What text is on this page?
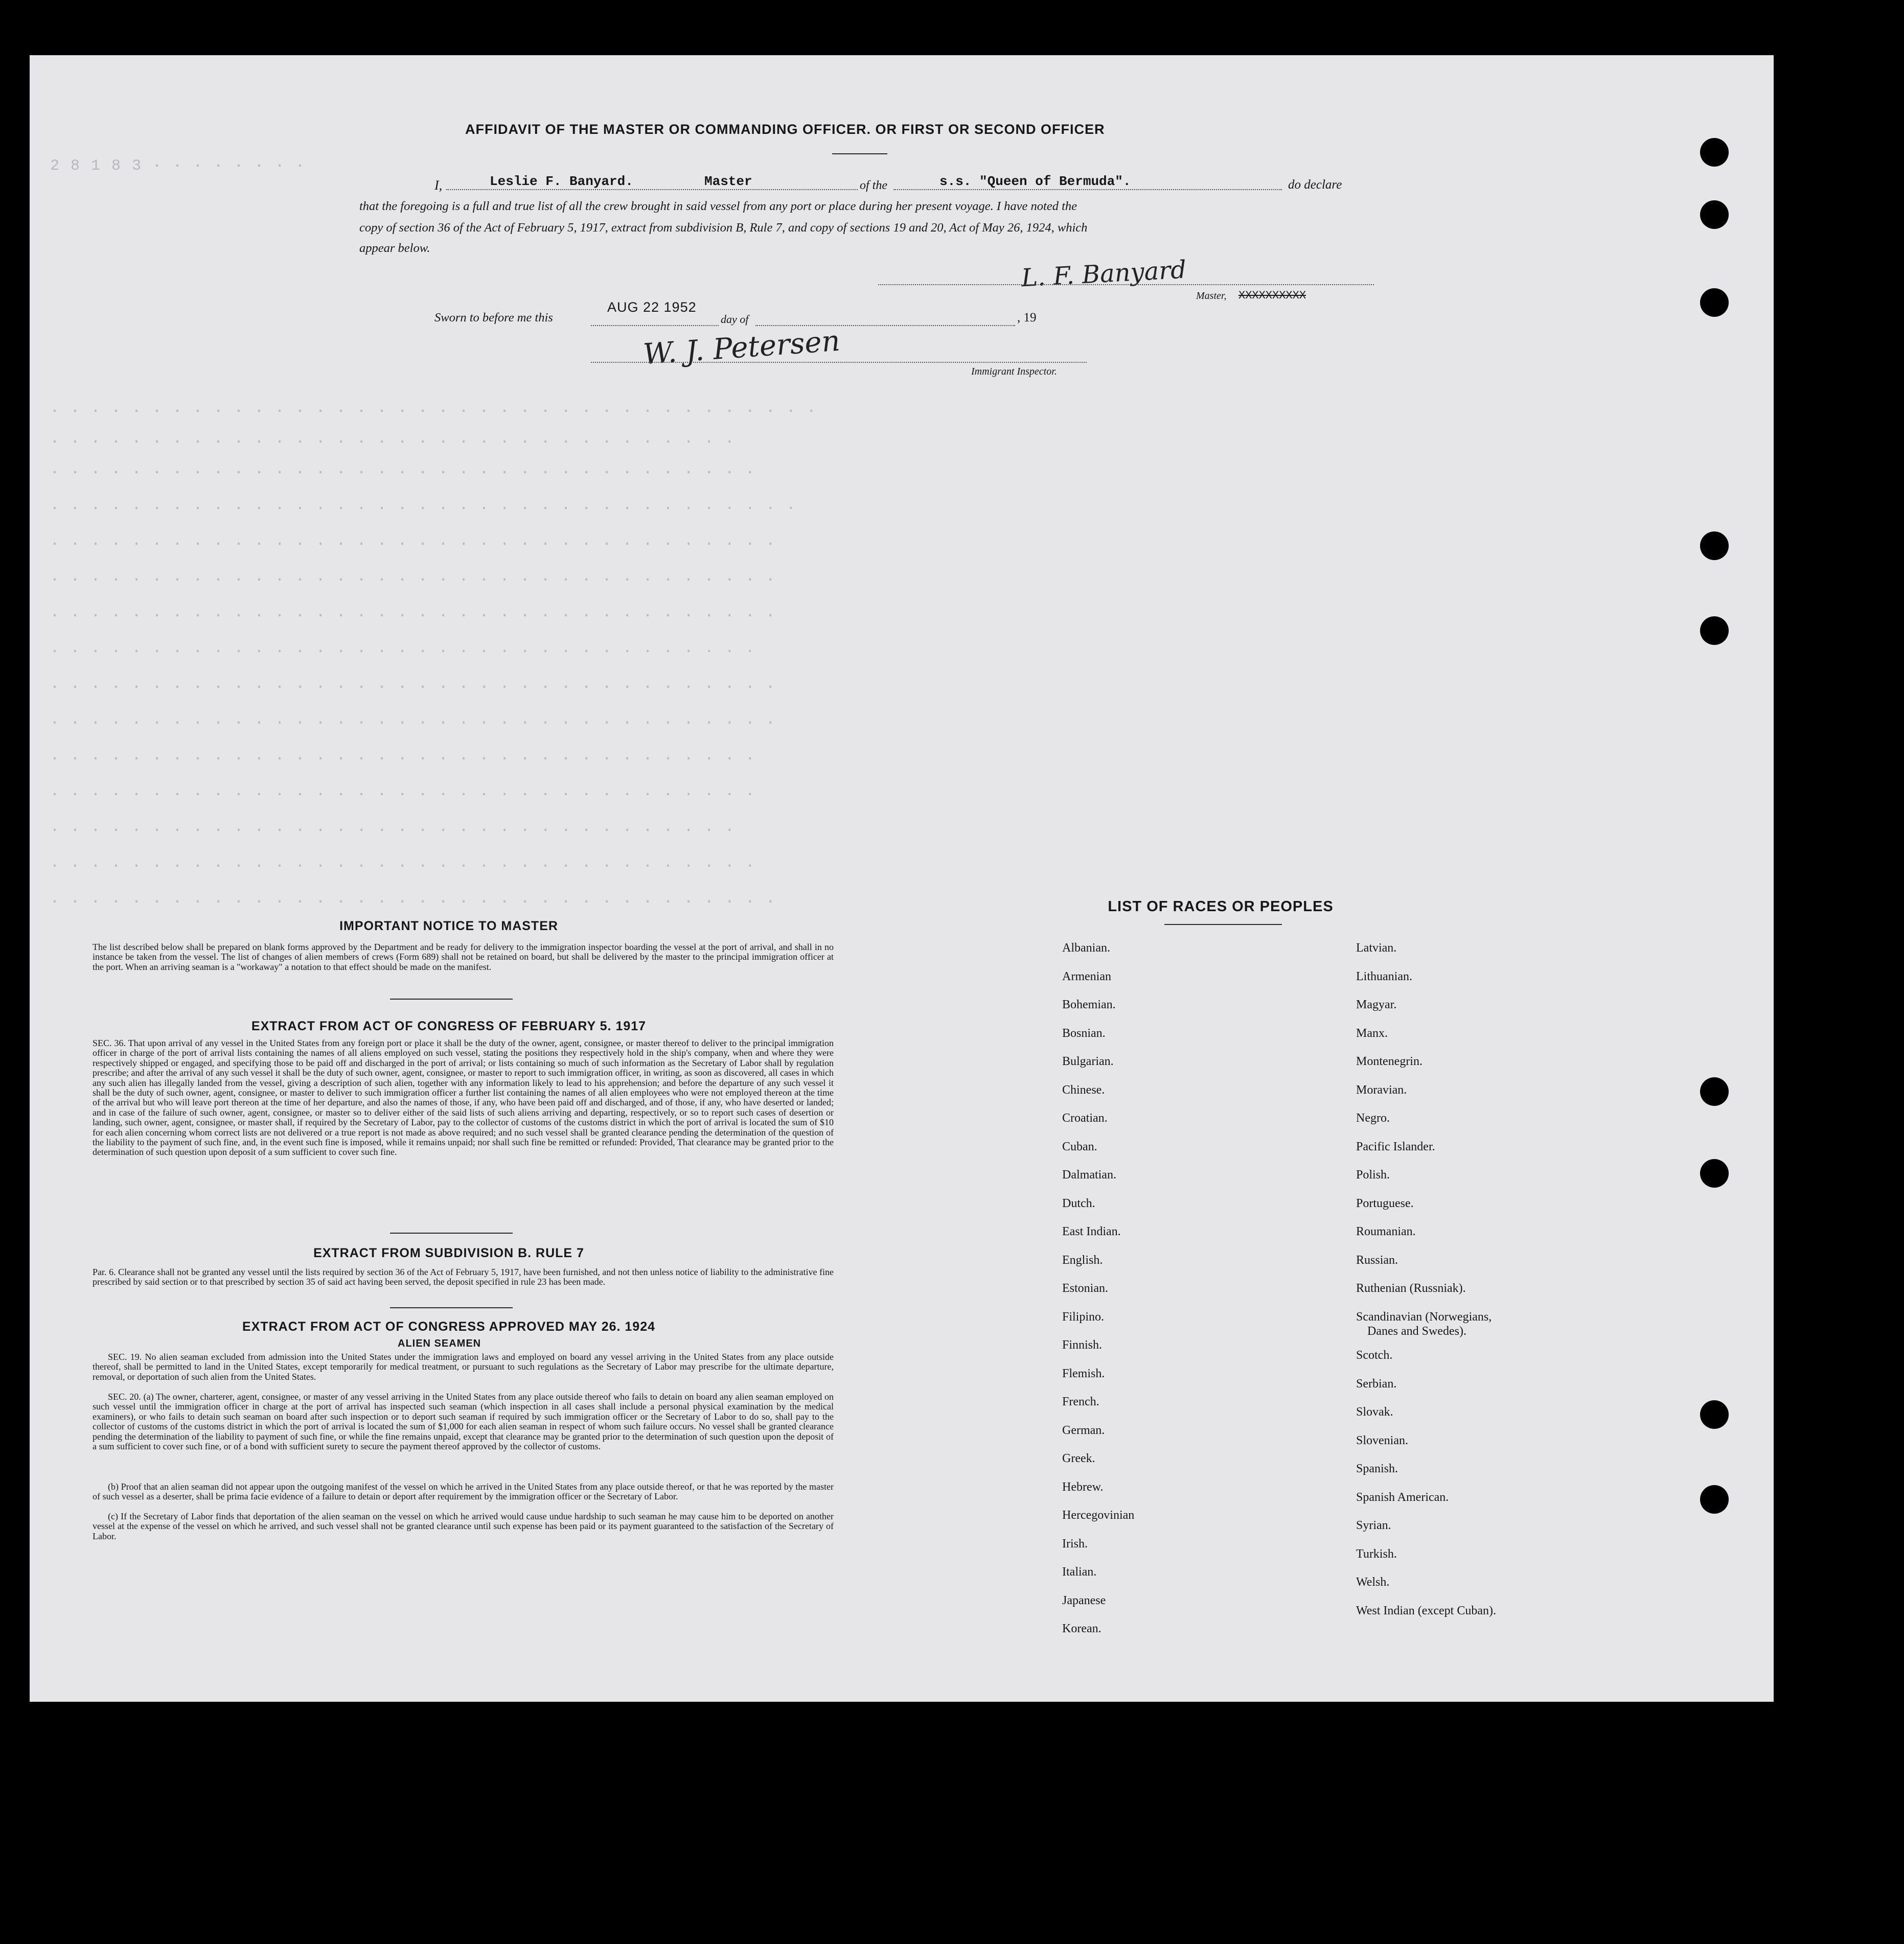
2 8 1 8 3 · · · · · · · ·
· · · · · · · · · · · · · · · · · · · · · · · · · · · · · · · · · · · · · ·
· · · · · · · · · · · · · · · · · · · · · · · · · · · · · · · · · ·
· · · · · · · · · · · · · · · · · · · · · · · · · · · · · · · · · · ·
· · · · · · · · · · · · · · · · · · · · · · · · · · · · · · · · · · · · ·
· · · · · · · · · · · · · · · · · · · · · · · · · · · · · · · · · · · ·
· · · · · · · · · · · · · · · · · · · · · · · · · · · · · · · · · · · ·
· · · · · · · · · · · · · · · · · · · · · · · · · · · · · · · · · · · ·
· · · · · · · · · · · · · · · · · · · · · · · · · · · · · · · · · · ·
· · · · · · · · · · · · · · · · · · · · · · · · · · · · · · · · · · · ·
· · · · · · · · · · · · · · · · · · · · · · · · · · · · · · · · · · · ·
· · · · · · · · · · · · · · · · · · · · · · · · · · · · · · · · · · ·
· · · · · · · · · · · · · · · · · · · · · · · · · · · · · · · · · · ·
· · · · · · · · · · · · · · · · · · · · · · · · · · · · · · · · · ·
· · · · · · · · · · · · · · · · · · · · · · · · · · · · · · · · · · ·
· · · · · · · · · · · · · · · · · · · · · · · · · · · · · · · · · · · ·
AFFIDAVIT OF THE MASTER OR COMMANDING OFFICER. OR FIRST OR SECOND OFFICER
I,	Leslie F. Banyard.	Master	of the	s.s. "Queen of Bermuda".	do declare
that the foregoing is a full and true list of all the crew brought in said vessel from any port or place during her present voyage. I have noted the
copy of section 36 of the Act of February 5, 1917, extract from subdivision B, Rule 7, and copy of sections 19 and 20, Act of May 26, 1924, which
appear below.
L. F. Banyard
Master, XXXXXXXXXX
Sworn to before me this
AUG 22 1952
day of	, 19
W. J. Petersen
Immigrant Inspector.
IMPORTANT NOTICE TO MASTER

The list described below shall be prepared on blank forms approved by the Department and be ready for delivery to the immigration inspector boarding the vessel at the port of arrival, and shall in no instance be taken from the vessel. The list of changes of alien members of crews (Form 689) shall not be retained on board, but shall be delivered by the master to the principal immigration officer at the port. When an arriving seaman is a "workaway" a notation to that effect should be made on the manifest.

EXTRACT FROM ACT OF CONGRESS OF FEBRUARY 5. 1917

SEC. 36. That upon arrival of any vessel in the United States from any foreign port or place it shall be the duty of the owner, agent, consignee, or master thereof to deliver to the principal immigration officer in charge of the port of arrival lists containing the names of all aliens employed on such vessel, stating the positions they respectively hold in the ship's company, when and where they were respectively shipped or engaged, and specifying those to be paid off and discharged in the port of arrival; or lists containing so much of such information as the Secretary of Labor shall by regulation prescribe; and after the arrival of any such vessel it shall be the duty of such owner, agent, consignee, or master to report to such immigration officer, in writing, as soon as discovered, all cases in which any such alien has illegally landed from the vessel, giving a description of such alien, together with any information likely to lead to his apprehension; and before the departure of any such vessel it shall be the duty of such owner, agent, consignee, or master to deliver to such immigration officer a further list containing the names of all alien employees who were not employed thereon at the time of the arrival but who will leave port thereon at the time of her departure, and also the names of those, if any, who have been paid off and discharged, and of those, if any, who have deserted or landed; and in case of the failure of such owner, agent, consignee, or master so to deliver either of the said lists of such aliens arriving and departing, respectively, or so to report such cases of desertion or landing, such owner, agent, consignee, or master shall, if required by the Secretary of Labor, pay to the collector of customs of the customs district in which the port of arrival is located the sum of $10 for each alien concerning whom correct lists are not delivered or a true report is not made as above required; and no such vessel shall be granted clearance pending the determination of the question of the liability to the payment of such fine, and, in the event such fine is imposed, while it remains unpaid; nor shall such fine be remitted or refunded: Provided, That clearance may be granted prior to the determination of such question upon deposit of a sum sufficient to cover such fine.

EXTRACT FROM SUBDIVISION B. RULE 7

Par. 6. Clearance shall not be granted any vessel until the lists required by section 36 of the Act of February 5, 1917, have been furnished, and not then unless notice of liability to the administrative fine prescribed by said section or to that prescribed by section 35 of said act having been served, the deposit specified in rule 23 has been made.

EXTRACT FROM ACT OF CONGRESS APPROVED MAY 26. 1924
ALIEN SEAMEN

SEC. 19. No alien seaman excluded from admission into the United States under the immigration laws and employed on board any vessel arriving in the United States from any place outside thereof, shall be permitted to land in the United States, except temporarily for medical treatment, or pursuant to such regulations as the Secretary of Labor may prescribe for the ultimate departure, removal, or deportation of such alien from the United States.

SEC. 20. (a) The owner, charterer, agent, consignee, or master of any vessel arriving in the United States from any place outside thereof who fails to detain on board any alien seaman employed on such vessel until the immigration officer in charge at the port of arrival has inspected such seaman (which inspection in all cases shall include a personal physical examination by the medical examiners), or who fails to detain such seaman on board after such inspection or to deport such seaman if required by such immigration officer or the Secretary of Labor to do so, shall pay to the collector of customs of the customs district in which the port of arrival is located the sum of $1,000 for each alien seaman in respect of whom such failure occurs. No vessel shall be granted clearance pending the determination of the liability to payment of such fine, or while the fine remains unpaid, except that clearance may be granted prior to the determination of such question upon the deposit of a sum sufficient to cover such fine, or of a bond with sufficient surety to secure the payment thereof approved by the collector of customs.

(b) Proof that an alien seaman did not appear upon the outgoing manifest of the vessel on which he arrived in the United States from any place outside thereof, or that he was reported by the master of such vessel as a deserter, shall be prima facie evidence of a failure to detain or deport after requirement by the immigration officer or the Secretary of Labor.

(c) If the Secretary of Labor finds that deportation of the alien seaman on the vessel on which he arrived would cause undue hardship to such seaman he may cause him to be deported on another vessel at the expense of the vessel on which he arrived, and such vessel shall not be granted clearance until such expense has been paid or its payment guaranteed to the satisfaction of the Secretary of Labor.

LIST OF RACES OR PEOPLES
Albanian.
Armenian
Bohemian.
Bosnian.
Bulgarian.
Chinese.
Croatian.
Cuban.
Dalmatian.
Dutch.
East Indian.
English.
Estonian.
Filipino.
Finnish.
Flemish.
French.
German.
Greek.
Hebrew.
Hercegovinian
Irish.
Italian.
Japanese
Korean.
Latvian.
Lithuanian.
Magyar.
Manx.
Montenegrin.
Moravian.
Negro.
Pacific Islander.
Polish.
Portuguese.
Roumanian.
Russian.
Ruthenian (Russniak).
Scandinavian (Norwegians,
Danes and Swedes).
Scotch.
Serbian.
Slovak.
Slovenian.
Spanish.
Spanish American.
Syrian.
Turkish.
Welsh.
West Indian (except Cuban).
